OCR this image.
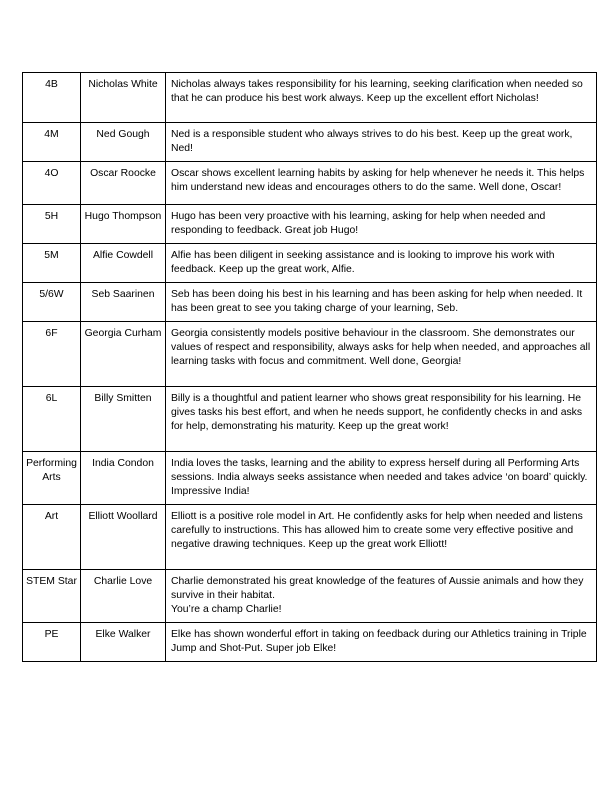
4B	Nicholas White	Nicholas always takes responsibility for his learning, seeking clarification when needed so that he can produce his best work always. Keep up the excellent effort Nicholas!

4M	Ned Gough	Ned is a responsible student who always strives to do his best. Keep up the great work, Ned!

4O	Oscar Roocke	Oscar shows excellent learning habits by asking for help whenever he needs it. This helps him understand new ideas and encourages others to do the same. Well done, Oscar!

5H	Hugo Thompson	Hugo has been very proactive with his learning, asking for help when needed and responding to feedback. Great job Hugo!

5M	Alfie Cowdell	Alfie has been diligent in seeking assistance and is looking to improve his work with feedback. Keep up the great work, Alfie.

5/6W	Seb Saarinen	Seb has been doing his best in his learning and has been asking for help when needed. It has been great to see you taking charge of your learning, Seb.

6F	Georgia Curham	Georgia consistently models positive behaviour in the classroom. She demonstrates our values of respect and responsibility, always asks for help when needed, and approaches all learning tasks with focus and commitment. Well done, Georgia!

6L	Billy Smitten	Billy is a thoughtful and patient learner who shows great responsibility for his learning. He gives tasks his best effort, and when he needs support, he confidently checks in and asks for help, demonstrating his maturity. Keep up the great work!

Performing Arts	India Condon	India loves the tasks, learning and the ability to express herself during all Performing Arts sessions. India always seeks assistance when needed and takes advice ‘on board’ quickly. Impressive India!

Art	Elliott Woollard	Elliott is a positive role model in Art. He confidently asks for help when needed and listens carefully to instructions. This has allowed him to create some very effective positive and negative drawing techniques. Keep up the great work Elliott!

STEM Star	Charlie Love	Charlie demonstrated his great knowledge of the features of Aussie animals and how they survive in their habitat.
You’re a champ Charlie!

PE	Elke Walker	Elke has shown wonderful effort in taking on feedback during our Athletics training in Triple Jump and Shot-Put. Super job Elke!
